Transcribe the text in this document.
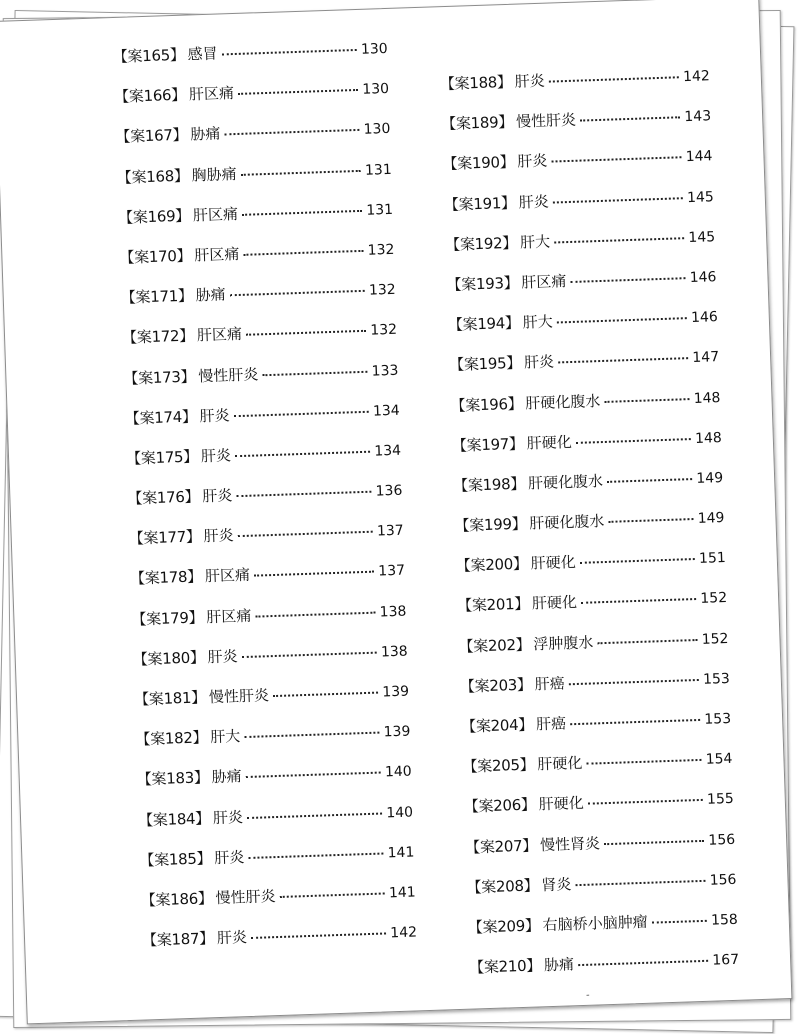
【案165】 感冒	130
【案166】 肝区痛	130
【案167】 胁痛	130
【案168】 胸胁痛	131
【案169】 肝区痛	131
【案170】 肝区痛	132
【案171】 胁痛	132
【案172】 肝区痛	132
【案173】 慢性肝炎	133
【案174】 肝炎	134
【案175】 肝炎	134
【案176】 肝炎	136
【案177】 肝炎	137
【案178】 肝区痛	137
【案179】 肝区痛	138
【案180】 肝炎	138
【案181】 慢性肝炎	139
【案182】 肝大	139
【案183】 胁痛	140
【案184】 肝炎	140
【案185】 肝炎	141
【案186】 慢性肝炎	141
【案187】 肝炎	142
【案188】 肝炎	142
【案189】 慢性肝炎	143
【案190】 肝炎	144
【案191】 肝炎	145
【案192】 肝大	145
【案193】 肝区痛	146
【案194】 肝大	146
【案195】 肝炎	147
【案196】 肝硬化腹水	148
【案197】 肝硬化	148
【案198】 肝硬化腹水	149
【案199】 肝硬化腹水	149
【案200】 肝硬化	151
【案201】 肝硬化	152
【案202】 浮肿腹水	152
【案203】 肝癌	153
【案204】 肝癌	153
【案205】 肝硬化	154
【案206】 肝硬化	155
【案207】 慢性肾炎	156
【案208】 肾炎	156
【案209】 右脑桥小脑肿瘤	158
【案210】 胁痛	167
-
